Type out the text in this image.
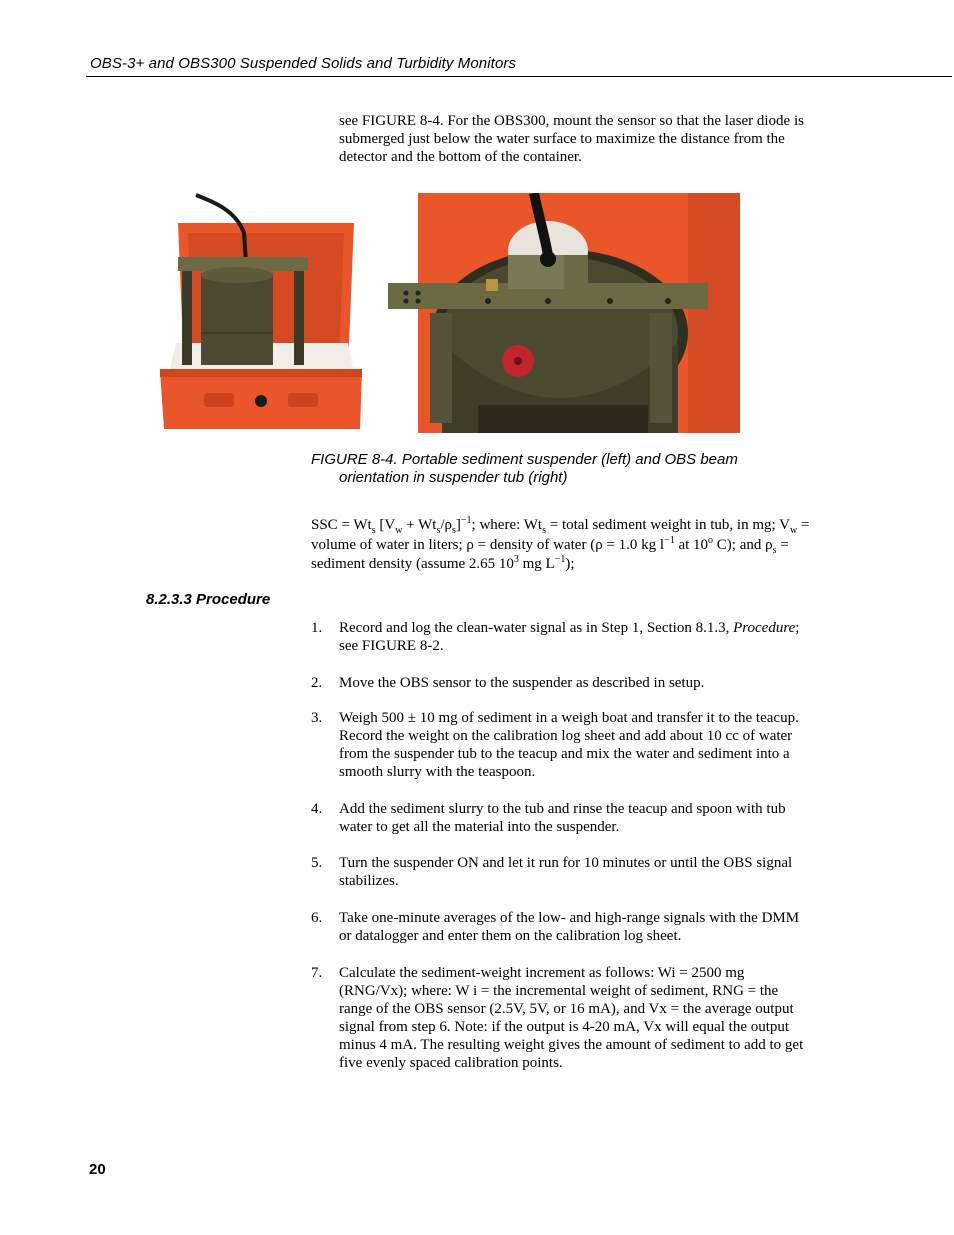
OBS-3+ and OBS300 Suspended Solids and Turbidity Monitors
see FIGURE 8-4. For the OBS300, mount the sensor so that the laser diode is submerged just below the water surface to maximize the distance from the detector and the bottom of the container.
FIGURE 8-4. Portable sediment suspender (left) and OBS beam
orientation in suspender tub (right)
SSC = $Wt_s$ $[V_w + Wt_s/\rho_s]^{-1}$; where: $Wt_s$ = total sediment weight in tub, in mg; $V_w$ = volume of water in liters; ρ = density of water (ρ = 1.0 kg $l^{-1}$ at 10$^o$ C); and $\rho_s$ = sediment density (assume 2.65 $10^3$ mg $L^{-1}$);
8.2.3.3 Procedure
1. Record and log the clean-water signal as in Step 1, Section 8.1.3, Procedure; see FIGURE 8-2.
2. Move the OBS sensor to the suspender as described in setup.
3. Weigh 500 ± 10 mg of sediment in a weigh boat and transfer it to the teacup. Record the weight on the calibration log sheet and add about 10 cc of water from the suspender tub to the teacup and mix the water and sediment into a smooth slurry with the teaspoon.
4. Add the sediment slurry to the tub and rinse the teacup and spoon with tub water to get all the material into the suspender.
5. Turn the suspender ON and let it run for 10 minutes or until the OBS signal stabilizes.
6. Take one-minute averages of the low- and high-range signals with the DMM or datalogger and enter them on the calibration log sheet.
7. Calculate the sediment-weight increment as follows: Wi = 2500 mg (RNG/Vx); where: W i = the incremental weight of sediment, RNG = the range of the OBS sensor (2.5V, 5V, or 16 mA), and Vx = the average output signal from step 6. Note: if the output is 4-20 mA, Vx will equal the output minus 4 mA. The resulting weight gives the amount of sediment to add to get five evenly spaced calibration points.
20
